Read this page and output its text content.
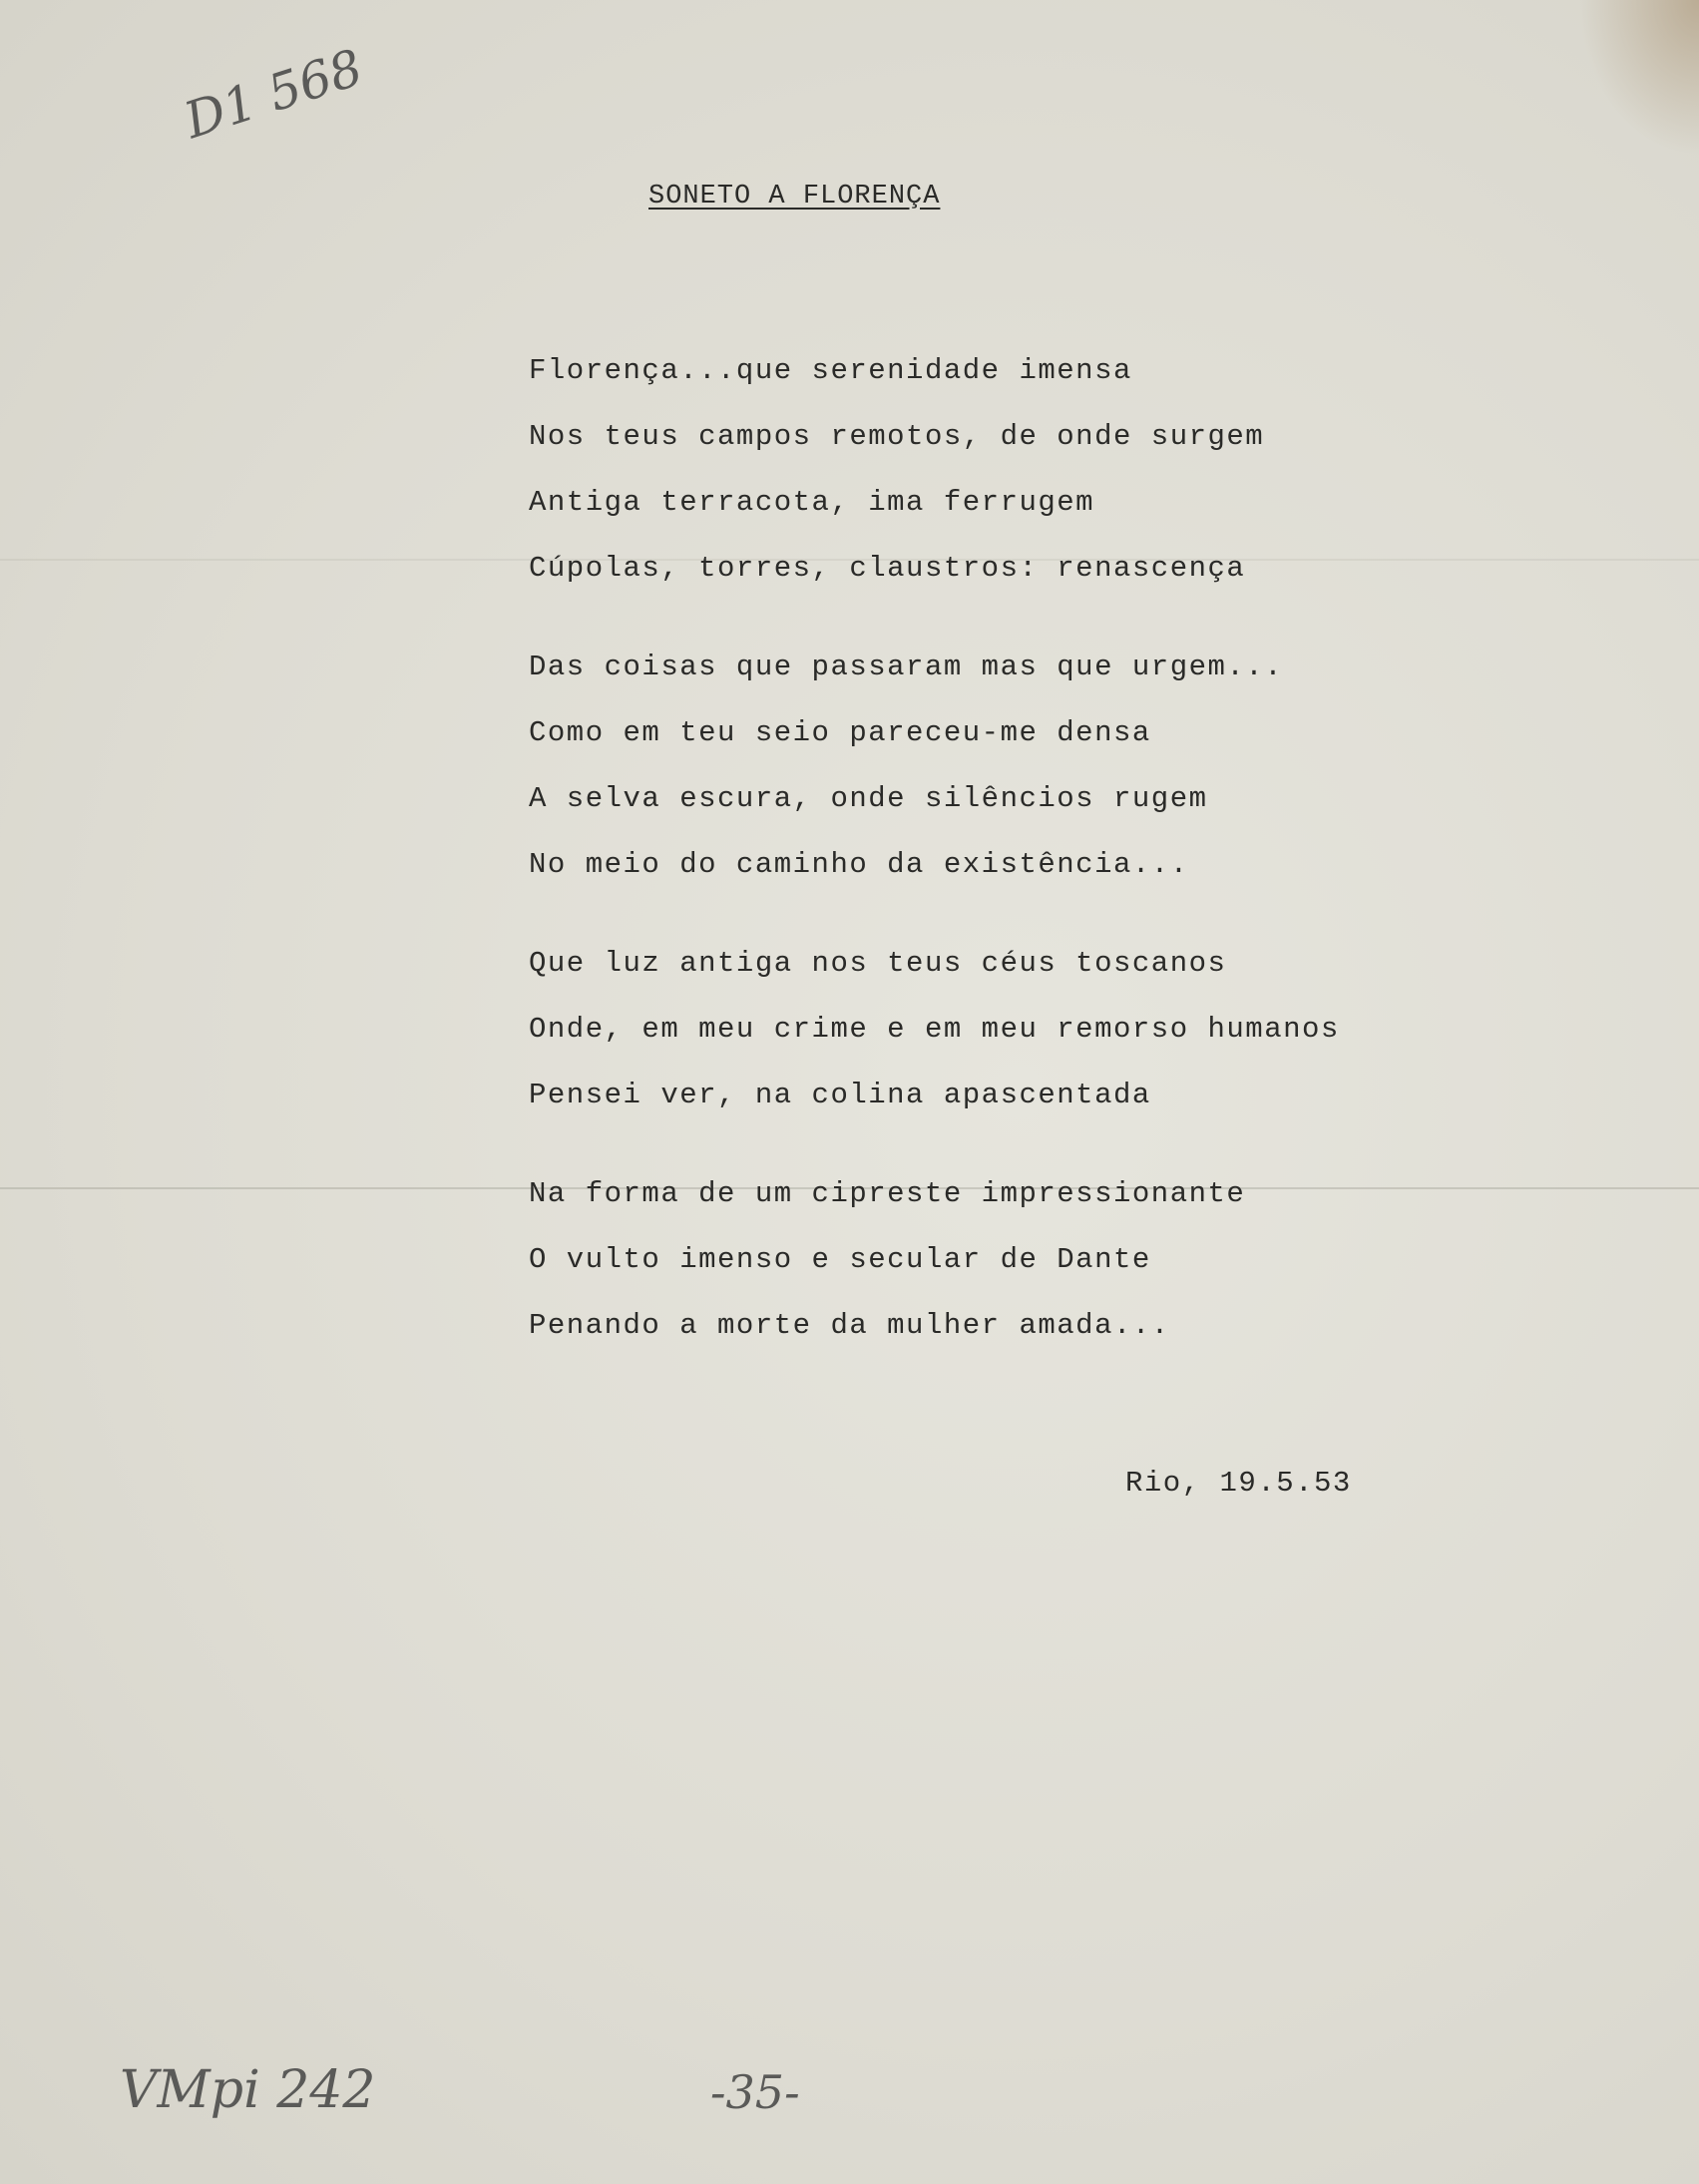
D1 568
SONETO A FLORENÇA
Florença...que serenidade imensa
Nos teus campos remotos, de onde surgem
Antiga terracota, ima ferrugem
Cúpolas, torres, claustros: renascença
Das coisas que passaram mas que urgem...
Como em teu seio pareceu-me densa
A selva escura, onde silêncios rugem
No meio do caminho da existência...
Que luz antiga nos teus céus toscanos
Onde, em meu crime e em meu remorso humanos
Pensei ver, na colina apascentada
Na forma de um cipreste impressionante
O vulto imenso e secular de Dante
Penando a morte da mulher amada...
Rio, 19.5.53
VMpi 242	-35-
